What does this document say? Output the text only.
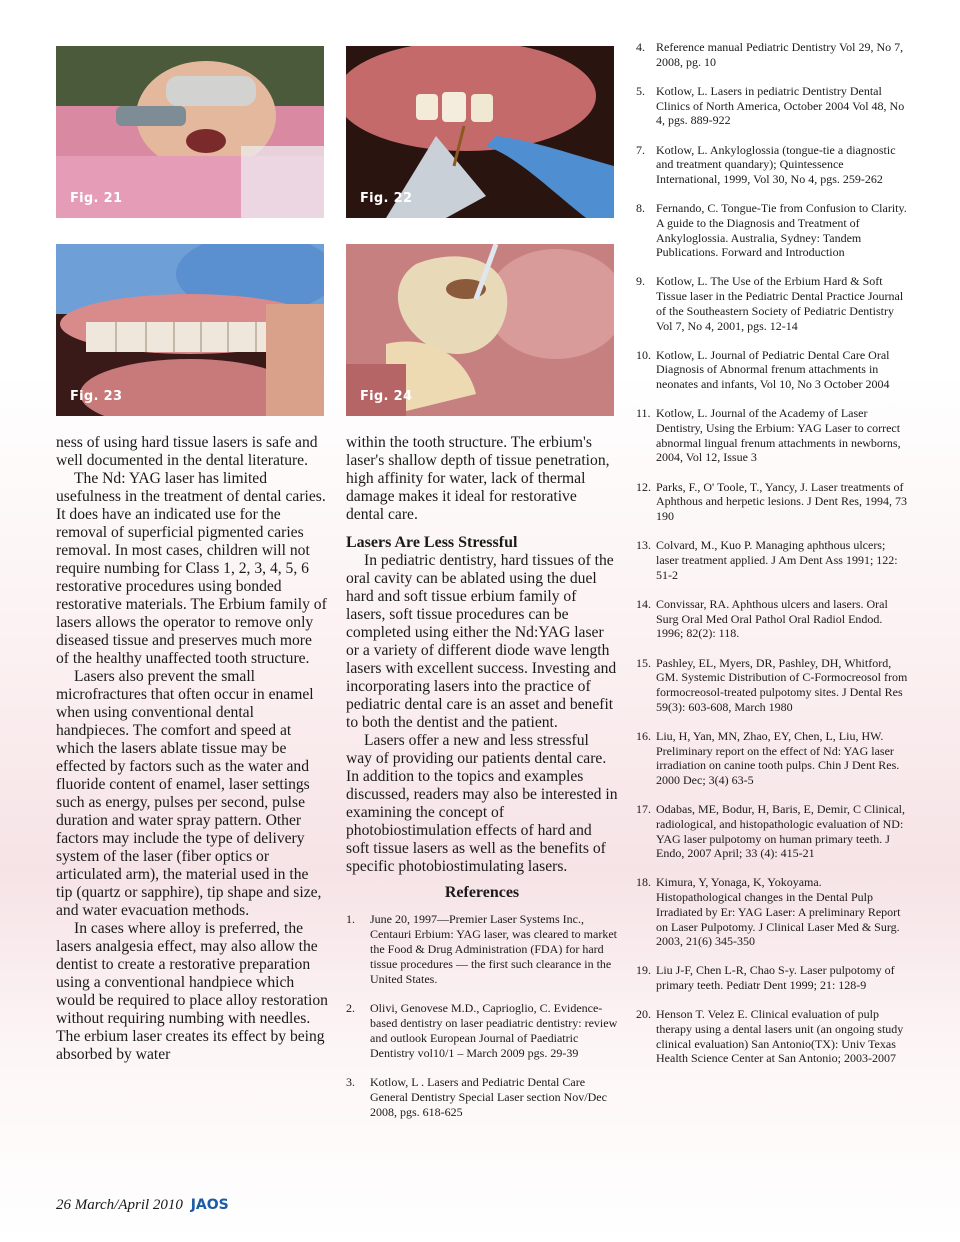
Fig. 21	Fig. 22
Fig. 23	Fig. 24

ness of using hard tissue lasers is safe and well documented in the dental literature.

The Nd: YAG laser has limited usefulness in the treatment of dental caries. It does have an indicated use for the removal of superficial pigmented caries removal. In most cases, children will not require numbing for Class 1, 2, 3, 4, 5, 6 restorative procedures using bonded restorative materials. The Erbium family of lasers allows the operator to remove only diseased tissue and preserves much more of the healthy unaffected tooth structure.

Lasers also prevent the small microfractures that often occur in enamel when using conventional dental handpieces. The comfort and speed at which the lasers ablate tissue may be effected by factors such as the water and fluoride content of enamel, laser settings such as energy, pulses per second, pulse duration and water spray pattern. Other factors may include the type of delivery system of the laser (fiber optics or articulated arm), the material used in the tip (quartz or sapphire), tip shape and size, and water evacuation methods.

In cases where alloy is preferred, the lasers analgesia effect, may also allow the dentist to create a restorative preparation using a conventional handpiece which would be required to place alloy restoration without requiring numbing with needles. The erbium laser creates its effect by being absorbed by water

within the tooth structure. The erbium's laser's shallow depth of tissue penetration, high affinity for water, lack of thermal damage makes it ideal for restorative dental care.

Lasers Are Less Stressful

In pediatric dentistry, hard tissues of the oral cavity can be ablated using the duel hard and soft tissue erbium family of lasers, soft tissue procedures can be completed using either the Nd:YAG laser or a variety of different diode wave length lasers with excellent success. Investing and incorporating lasers into the practice of pediatric dental care is an asset and benefit to both the dentist and the patient.

Lasers offer a new and less stressful way of providing our patients dental care. In addition to the topics and examples discussed, readers may also be interested in examining the concept of photobiostimulation effects of hard and soft tissue lasers as well as the benefits of specific photobiostimulating lasers.

References
1. June 20, 1997—Premier Laser Systems Inc., Centauri Erbium: YAG laser, was cleared to market the Food & Drug Administration (FDA) for hard tissue procedures — the first such clearance in the United States.
2. Olivi, Genovese M.D., Caprioglio, C. Evidence-based dentistry on laser peadiatric dentistry: review and outlook European Journal of Paediatric Dentistry vol10/1 – March 2009 pgs. 29-39
3. Kotlow, L . Lasers and Pediatric Dental Care General Dentistry Special Laser section Nov/Dec 2008, pgs. 618-625
4. Reference manual Pediatric Dentistry Vol 29, No 7, 2008, pg. 10
5. Kotlow, L. Lasers in pediatric Dentistry Dental Clinics of North America, October 2004 Vol 48, No 4, pgs. 889-922
7. Kotlow, L. Ankyloglossia (tongue-tie a diagnostic and treatment quandary); Quintessence International, 1999, Vol 30, No 4, pgs. 259-262
8. Fernando, C. Tongue-Tie from Confusion to Clarity. A guide to the Diagnosis and Treatment of Ankyloglossia. Australia, Sydney: Tandem Publications. Forward and Introduction
9. Kotlow, L. The Use of the Erbium Hard & Soft Tissue laser in the Pediatric Dental Practice Journal of the Southeastern Society of Pediatric Dentistry Vol 7, No 4, 2001, pgs. 12-14
10. Kotlow, L. Journal of Pediatric Dental Care Oral Diagnosis of Abnormal frenum attachments in neonates and infants, Vol 10, No 3 October 2004
11. Kotlow, L. Journal of the Academy of Laser Dentistry, Using the Erbium: YAG Laser to correct abnormal lingual frenum attachments in newborns, 2004, Vol 12, Issue 3
12. Parks, F., O' Toole, T., Yancy, J. Laser treatments of Aphthous and herpetic lesions. J Dent Res, 1994, 73 190
13. Colvard, M., Kuo P. Managing aphthous ulcers; laser treatment applied. J Am Dent Ass 1991; 122: 51-2
14. Convissar, RA. Aphthous ulcers and lasers. Oral Surg Oral Med Oral Pathol Oral Radiol Endod. 1996; 82(2): 118.
15. Pashley, EL, Myers, DR, Pashley, DH, Whitford, GM. Systemic Distribution of C-Formocreosol from formocreosol-treated pulpotomy sites. J Dental Res 59(3): 603-608, March 1980
16. Liu, H, Yan, MN, Zhao, EY, Chen, L, Liu, HW. Preliminary report on the effect of Nd: YAG laser irradiation on canine tooth pulps. Chin J Dent Res. 2000 Dec; 3(4) 63-5
17. Odabas, ME, Bodur, H, Baris, E, Demir, C Clinical, radiological, and histopathologic evaluation of ND: YAG laser pulpotomy on human primary teeth. J Endo, 2007 April; 33 (4): 415-21
18. Kimura, Y, Yonaga, K, Yokoyama. Histopathological changes in the Dental Pulp Irradiated by Er: YAG Laser: A preliminary Report on Laser Pulpotomy. J Clinical Laser Med & Surg. 2003, 21(6) 345-350
19. Liu J-F, Chen L-R, Chao S-y. Laser pulpotomy of primary teeth. Pediatr Dent 1999; 21: 128-9
20. Henson T. Velez E. Clinical evaluation of pulp therapy using a dental lasers unit (an ongoing study clinical evaluation) San Antonio(TX): Univ Texas Health Science Center at San Antonio; 2003-2007
26 March/April 2010 JAOS
